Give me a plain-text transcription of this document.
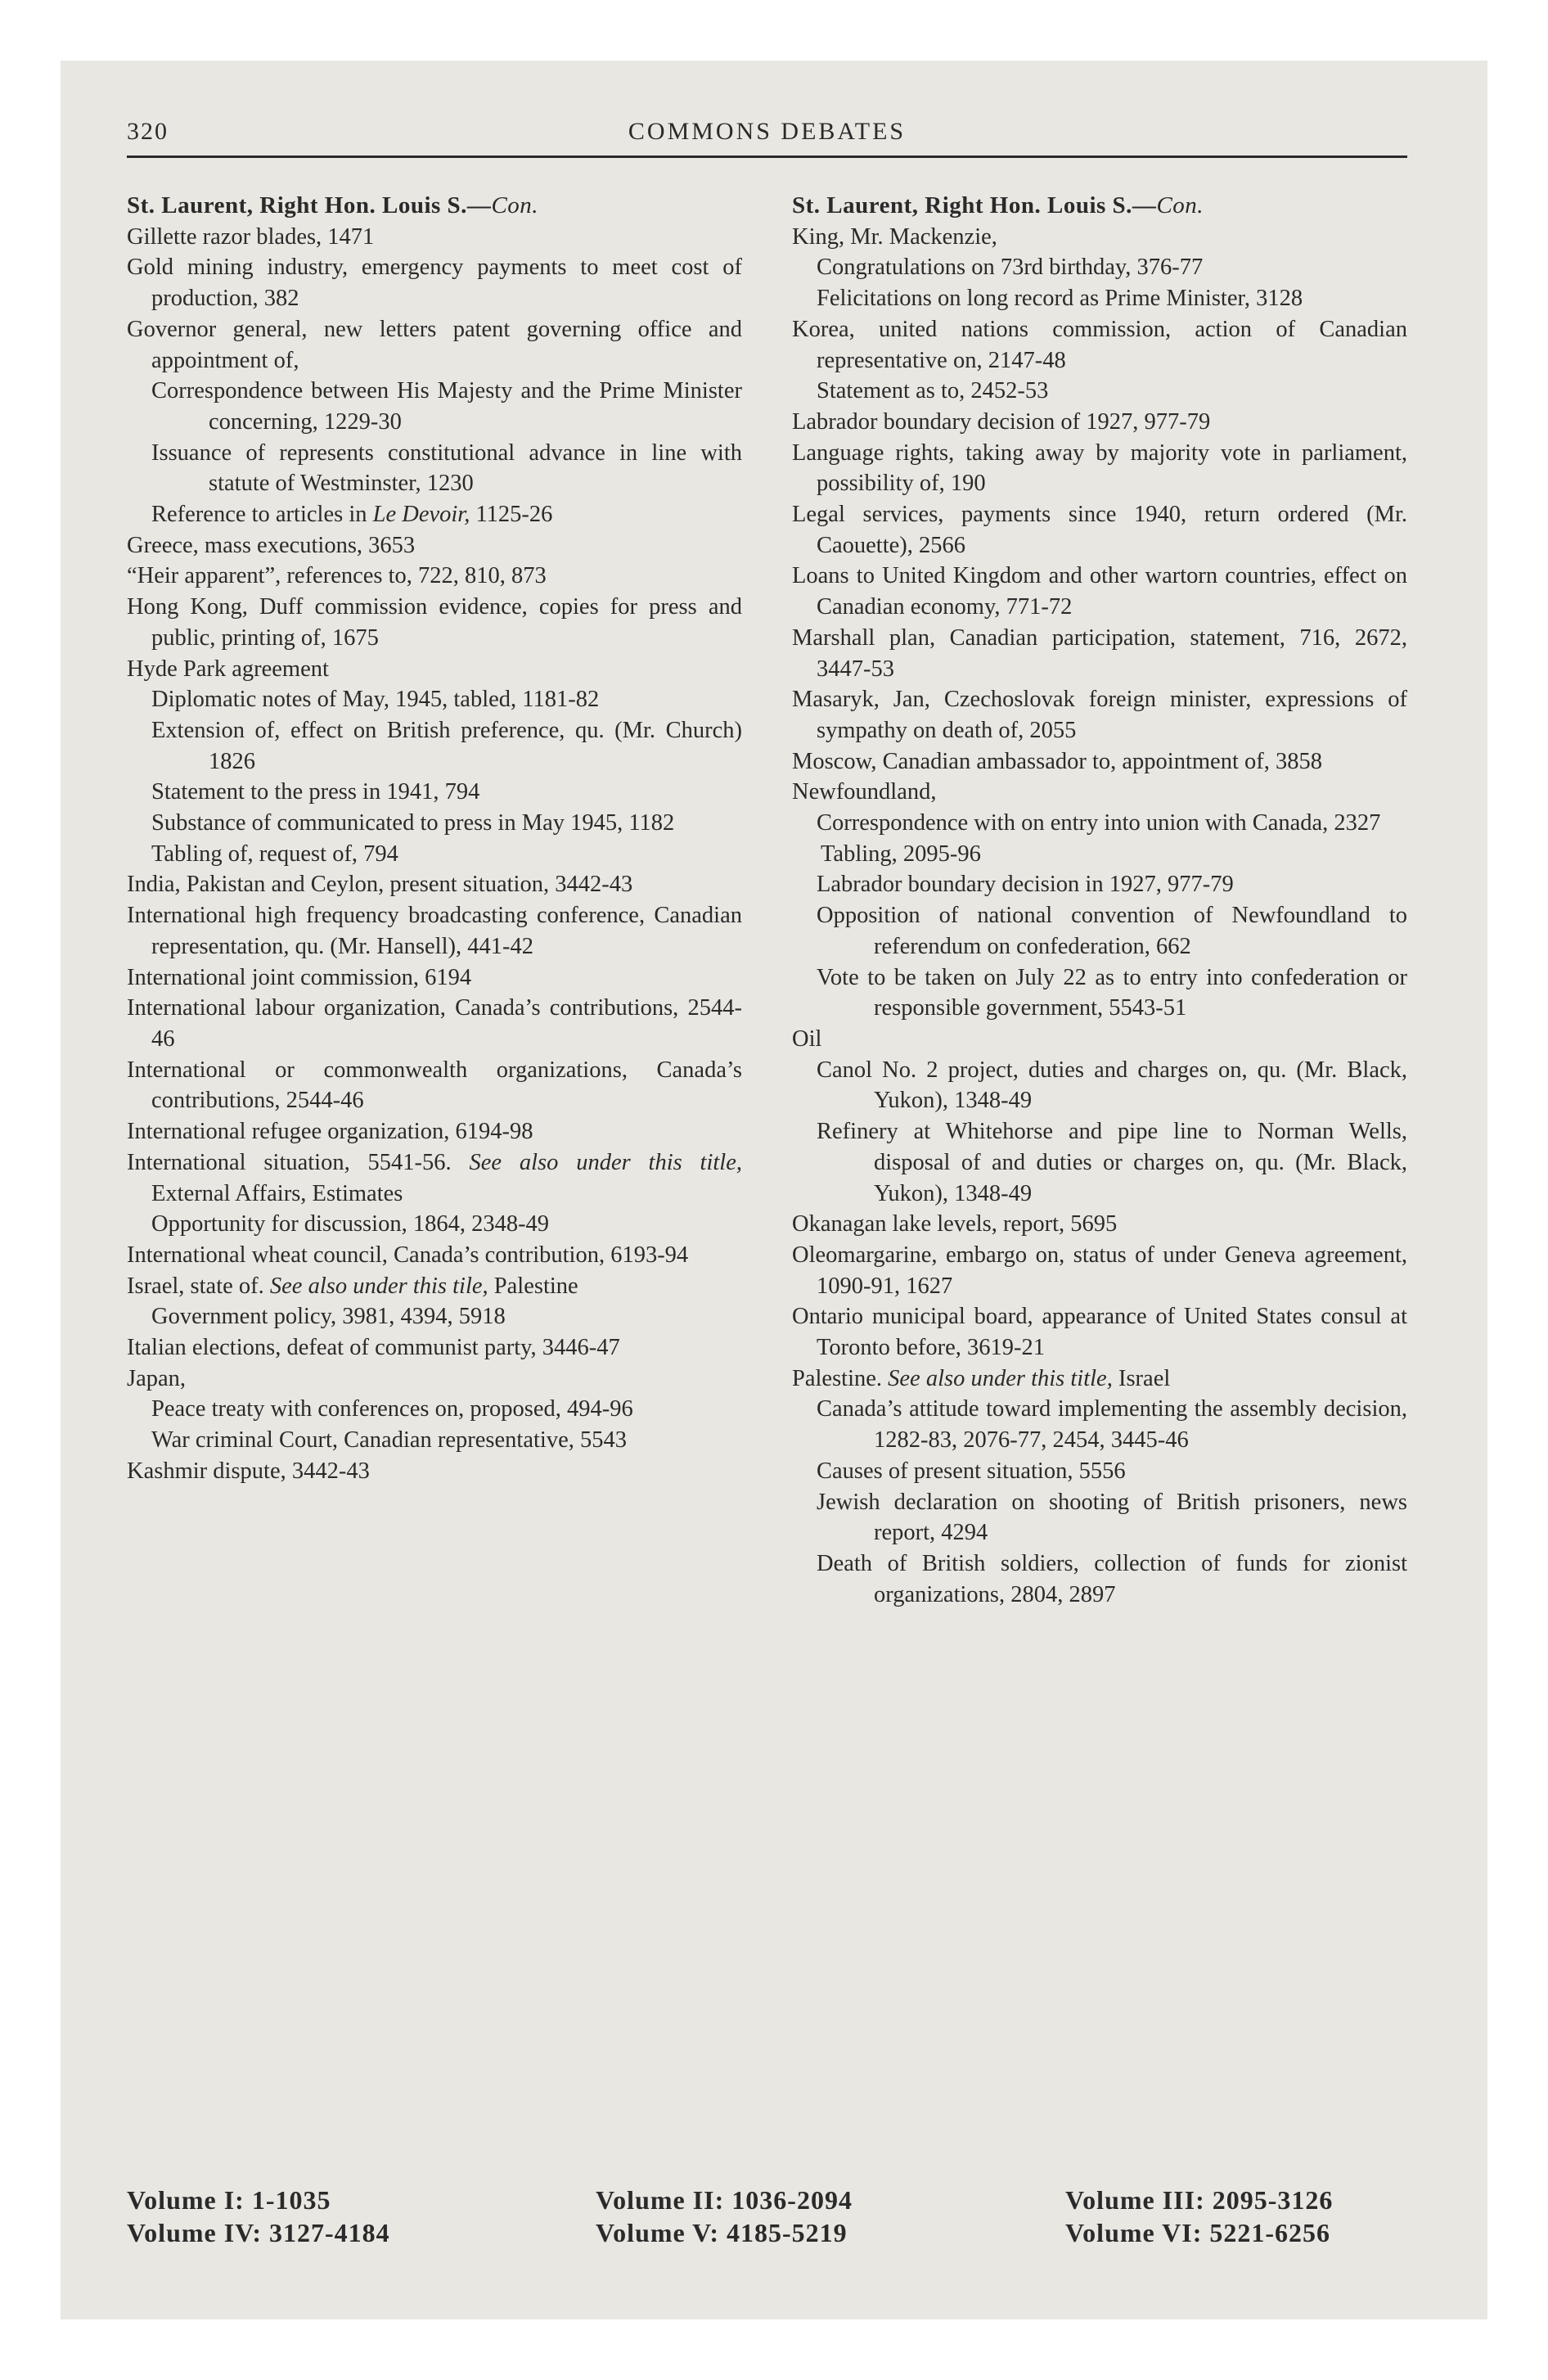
320	COMMONS DEBATES
St. Laurent, Right Hon. Louis S.—Con.
Gillette razor blades, 1471
Gold mining industry, emergency payments to meet cost of production, 382
Governor general, new letters patent governing office and appointment of,
Correspondence between His Majesty and the Prime Minister concerning, 1229-30
Issuance of represents constitutional advance in line with statute of Westminster, 1230
Reference to articles in Le Devoir, 1125-26
Greece, mass executions, 3653
“Heir apparent”, references to, 722, 810, 873
Hong Kong, Duff commission evidence, copies for press and public, printing of, 1675
Hyde Park agreement
Diplomatic notes of May, 1945, tabled, 1181-82
Extension of, effect on British preference, qu. (Mr. Church) 1826
Statement to the press in 1941, 794
Substance of communicated to press in May 1945, 1182
Tabling of, request of, 794
India, Pakistan and Ceylon, present situation, 3442-43
International high frequency broadcasting conference, Canadian representation, qu. (Mr. Hansell), 441-42
International joint commission, 6194
International labour organization, Canada’s contributions, 2544-46
International or commonwealth organizations, Canada’s contributions, 2544-46
International refugee organization, 6194-98
International situation, 5541-56. See also under this title, External Affairs, Estimates
Opportunity for discussion, 1864, 2348-49
International wheat council, Canada’s contribution, 6193-94
Israel, state of. See also under this tile, Palestine
Government policy, 3981, 4394, 5918
Italian elections, defeat of communist party, 3446-47
Japan,
Peace treaty with conferences on, proposed, 494-96
War criminal Court, Canadian representative, 5543
Kashmir dispute, 3442-43
St. Laurent, Right Hon. Louis S.—Con.
King, Mr. Mackenzie,
Congratulations on 73rd birthday, 376-77
Felicitations on long record as Prime Minister, 3128
Korea, united nations commission, action of Canadian representative on, 2147-48
Statement as to, 2452-53
Labrador boundary decision of 1927, 977-79
Language rights, taking away by majority vote in parliament, possibility of, 190
Legal services, payments since 1940, return ordered (Mr. Caouette), 2566
Loans to United Kingdom and other wartorn countries, effect on Canadian economy, 771-72
Marshall plan, Canadian participation, statement, 716, 2672, 3447-53
Masaryk, Jan, Czechoslovak foreign minister, expressions of sympathy on death of, 2055
Moscow, Canadian ambassador to, appointment of, 3858
Newfoundland,
Correspondence with on entry into union with Canada, 2327
Tabling, 2095-96
Labrador boundary decision in 1927, 977-79
Opposition of national convention of Newfoundland to referendum on confederation, 662
Vote to be taken on July 22 as to entry into confederation or responsible government, 5543-51
Oil
Canol No. 2 project, duties and charges on, qu. (Mr. Black, Yukon), 1348-49
Refinery at Whitehorse and pipe line to Norman Wells, disposal of and duties or charges on, qu. (Mr. Black, Yukon), 1348-49
Okanagan lake levels, report, 5695
Oleomargarine, embargo on, status of under Geneva agreement, 1090-91, 1627
Ontario municipal board, appearance of United States consul at Toronto before, 3619-21
Palestine. See also under this title, Israel
Canada’s attitude toward implementing the assembly decision, 1282-83, 2076-77, 2454, 3445-46
Causes of present situation, 5556
Jewish declaration on shooting of British prisoners, news report, 4294
Death of British soldiers, collection of funds for zionist organizations, 2804, 2897
Volume I: 1-1035
Volume IV: 3127-4184
Volume II: 1036-2094
Volume V: 4185-5219
Volume III: 2095-3126
Volume VI: 5221-6256
